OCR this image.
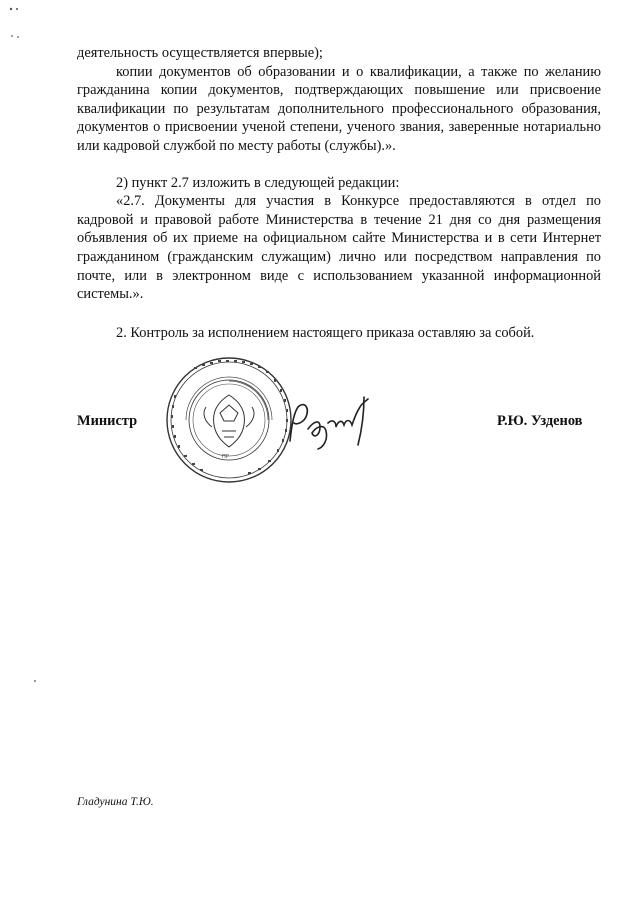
деятельность осуществляется впервые);

копии документов об образовании и о квалификации, а также по желанию гражданина копии документов, подтверждающих повышение или присвоение квалификации по результатам дополнительного профессионального образования, документов о присвоении ученой степени, ученого звания, заверенные нотариально или кадровой службой по месту работы (службы).».

2) пункт 2.7 изложить в следующей редакции:

«2.7. Документы для участия в Конкурсе предоставляются в отдел по кадровой и правовой работе Министерства в течение 21 дня со дня размещения объявления об их приеме на официальном сайте Министерства и в сети Интернет гражданином (гражданским служащим) лично или посредством направления по почте, или в электронном виде с использованием указанной информационной системы.».

2. Контроль за исполнением настоящего приказа оставляю за собой.

Министр
ПР
Р.Ю. Узденов
Гладунина Т.Ю.
